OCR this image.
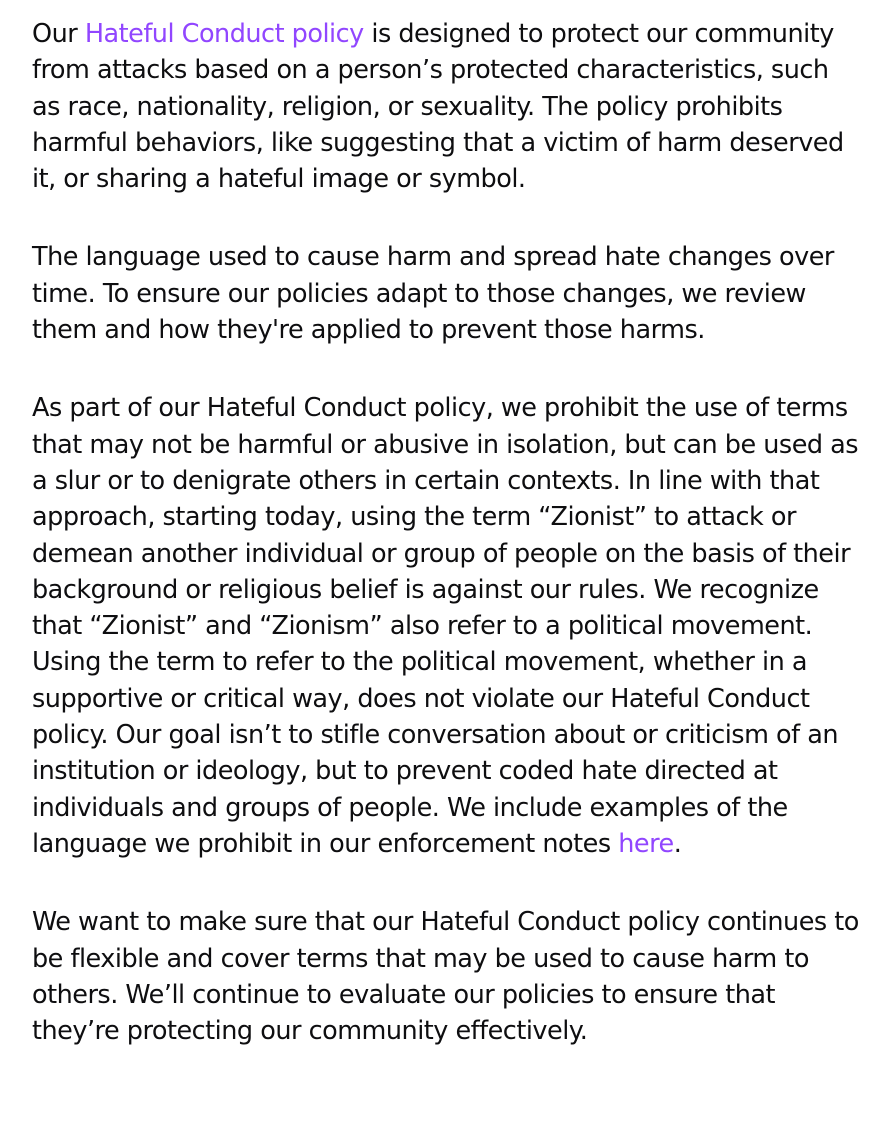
Our Hateful Conduct policy is designed to protect our community from attacks based on a person’s protected characteristics, such as race, nationality, religion, or sexuality. The policy prohibits harmful behaviors, like suggesting that a victim of harm deserved it, or sharing a hateful image or symbol.

The language used to cause harm and spread hate changes over time. To ensure our policies adapt to those changes, we review them and how they're applied to prevent those harms.

As part of our Hateful Conduct policy, we prohibit the use of terms that may not be harmful or abusive in isolation, but can be used as a slur or to denigrate others in certain contexts. In line with that approach, starting today, using the term “Zionist” to attack or demean another individual or group of people on the basis of their background or religious belief is against our rules. We recognize that “Zionist” and “Zionism” also refer to a political movement. Using the term to refer to the political movement, whether in a supportive or critical way, does not violate our Hateful Conduct policy. Our goal isn’t to stifle conversation about or criticism of an institution or ideology, but to prevent coded hate directed at individuals and groups of people. We include examples of the language we prohibit in our enforcement notes here.

We want to make sure that our Hateful Conduct policy continues to be flexible and cover terms that may be used to cause harm to others. We’ll continue to evaluate our policies to ensure that they’re protecting our community effectively.
